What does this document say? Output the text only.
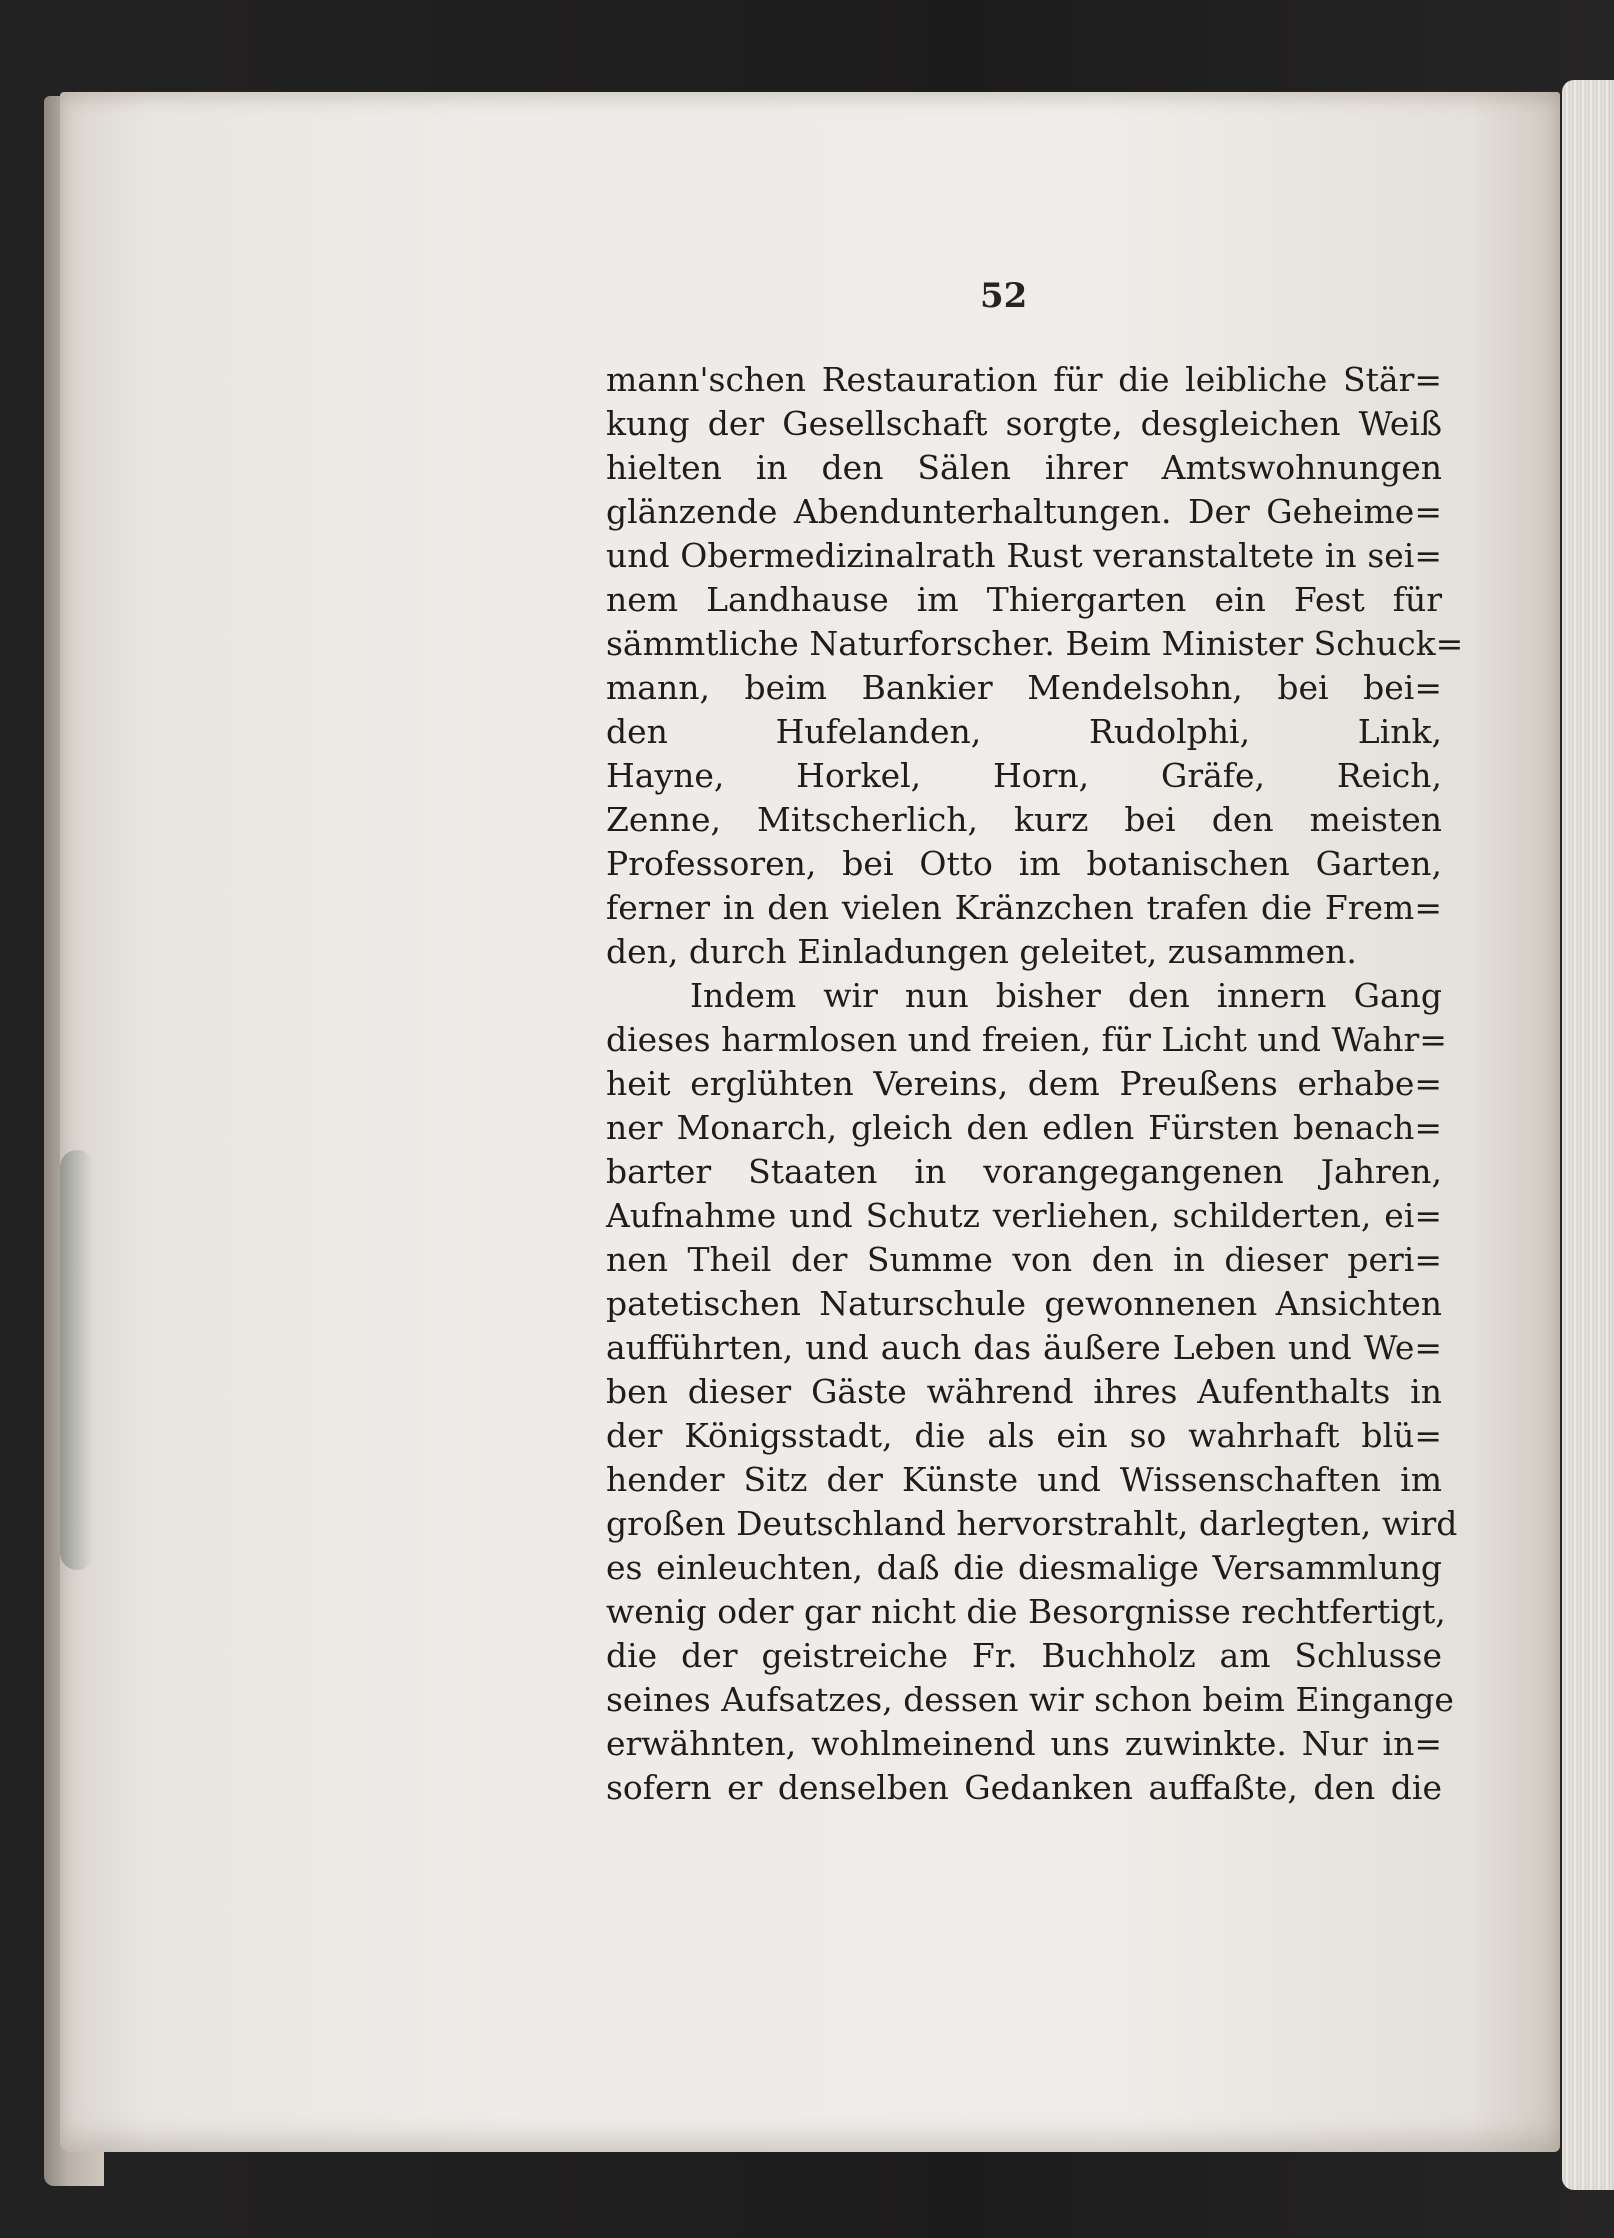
52
mann'schen Restauration für die leibliche Stär=
kung der Gesellschaft sorgte, desgleichen Weiß
hielten in den Sälen ihrer Amtswohnungen
glänzende Abendunterhaltungen. Der Geheime=
und Obermedizinalrath Rust veranstaltete in sei=
nem Landhause im Thiergarten ein Fest für
sämmtliche Naturforscher. Beim Minister Schuck=
mann, beim Bankier Mendelsohn, bei bei=
den Hufelanden, Rudolphi, Link,
Hayne, Horkel, Horn, Gräfe, Reich,
Zenne, Mitscherlich, kurz bei den meisten
Professoren, bei Otto im botanischen Garten,
ferner in den vielen Kränzchen trafen die Frem=
den, durch Einladungen geleitet, zusammen.
Indem wir nun bisher den innern Gang
dieses harmlosen und freien, für Licht und Wahr=
heit erglühten Vereins, dem Preußens erhabe=
ner Monarch, gleich den edlen Fürsten benach=
barter Staaten in vorangegangenen Jahren,
Aufnahme und Schutz verliehen, schilderten, ei=
nen Theil der Summe von den in dieser peri=
patetischen Naturschule gewonnenen Ansichten
aufführten, und auch das äußere Leben und We=
ben dieser Gäste während ihres Aufenthalts in
der Königsstadt, die als ein so wahrhaft blü=
hender Sitz der Künste und Wissenschaften im
großen Deutschland hervorstrahlt, darlegten, wird
es einleuchten, daß die diesmalige Versammlung
wenig oder gar nicht die Besorgnisse rechtfertigt,
die der geistreiche Fr. Buchholz am Schlusse
seines Aufsatzes, dessen wir schon beim Eingange
erwähnten, wohlmeinend uns zuwinkte. Nur in=
sofern er denselben Gedanken auffaßte, den die
